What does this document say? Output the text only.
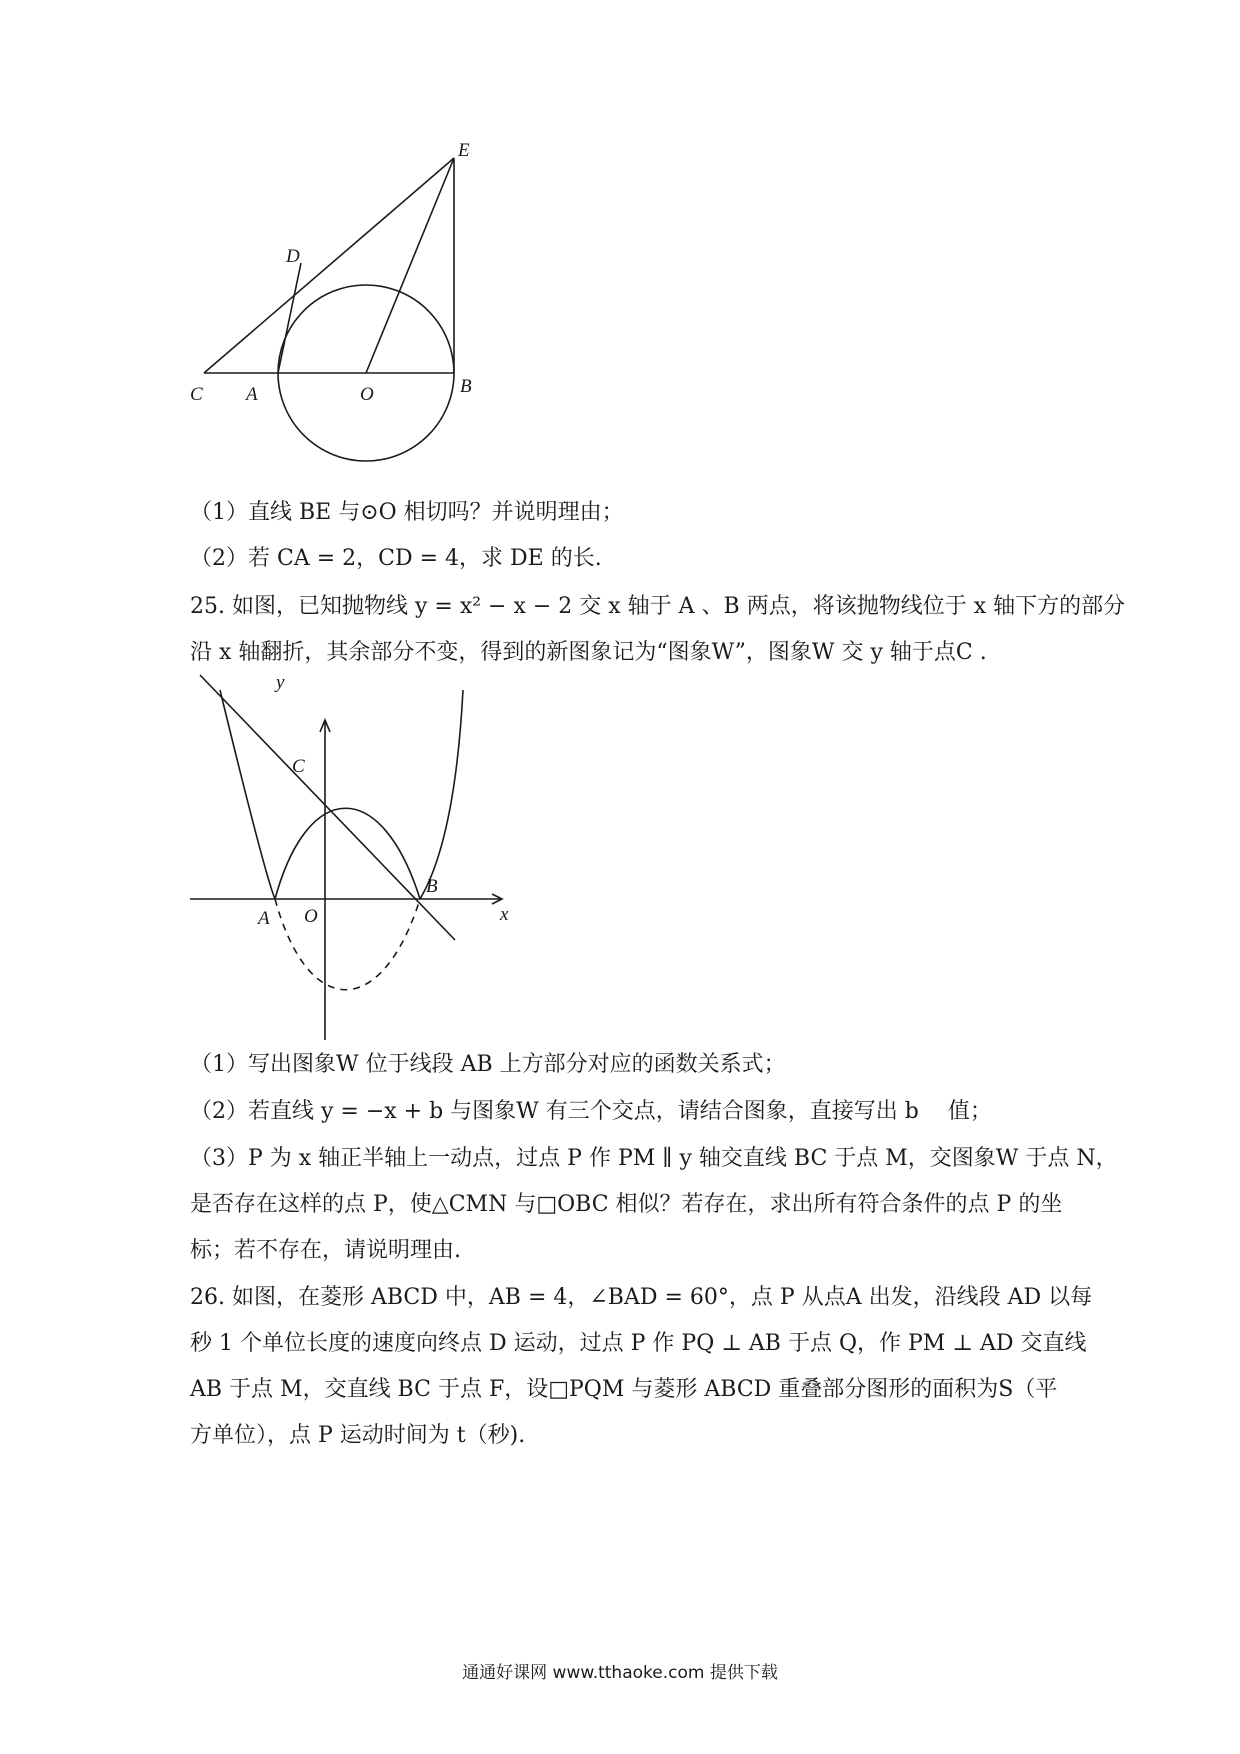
E
D
C A	O	B
（1）直线 BE 与⊙O 相切吗？并说明理由；
（2）若 CA = 2，CD = 4，求 DE 的长.
25. 如图，已知抛物线 y = x² − x − 2 交 x 轴于 A 、B 两点，将该抛物线位于 x 轴下方的部分
沿 x 轴翻折，其余部分不变，得到的新图象记为“图象W”，图象W 交 y 轴于点C .
y
C
A O
B
x
（1）写出图象W 位于线段 AB 上方部分对应的函数关系式；
（2）若直线 y = −x + b 与图象W 有三个交点，请结合图象，直接写出 b　 值；
（3）P 为 x 轴正半轴上一动点，过点 P 作 PM ∥ y 轴交直线 BC 于点 M，交图象W 于点 N，
是否存在这样的点 P，使△CMN 与□OBC 相似？若存在，求出所有符合条件的点 P 的坐
标；若不存在，请说明理由.
26. 如图，在菱形 ABCD 中，AB = 4，∠BAD = 60°，点 P 从点A 出发，沿线段 AD 以每
秒 1 个单位长度的速度向终点 D 运动，过点 P 作 PQ ⊥ AB 于点 Q，作 PM ⊥ AD 交直线
AB 于点 M，交直线 BC 于点 F，设□PQM 与菱形 ABCD 重叠部分图形的面积为S（平
方单位），点 P 运动时间为 t（秒).
通通好课网 www.tthaoke.com 提供下载
